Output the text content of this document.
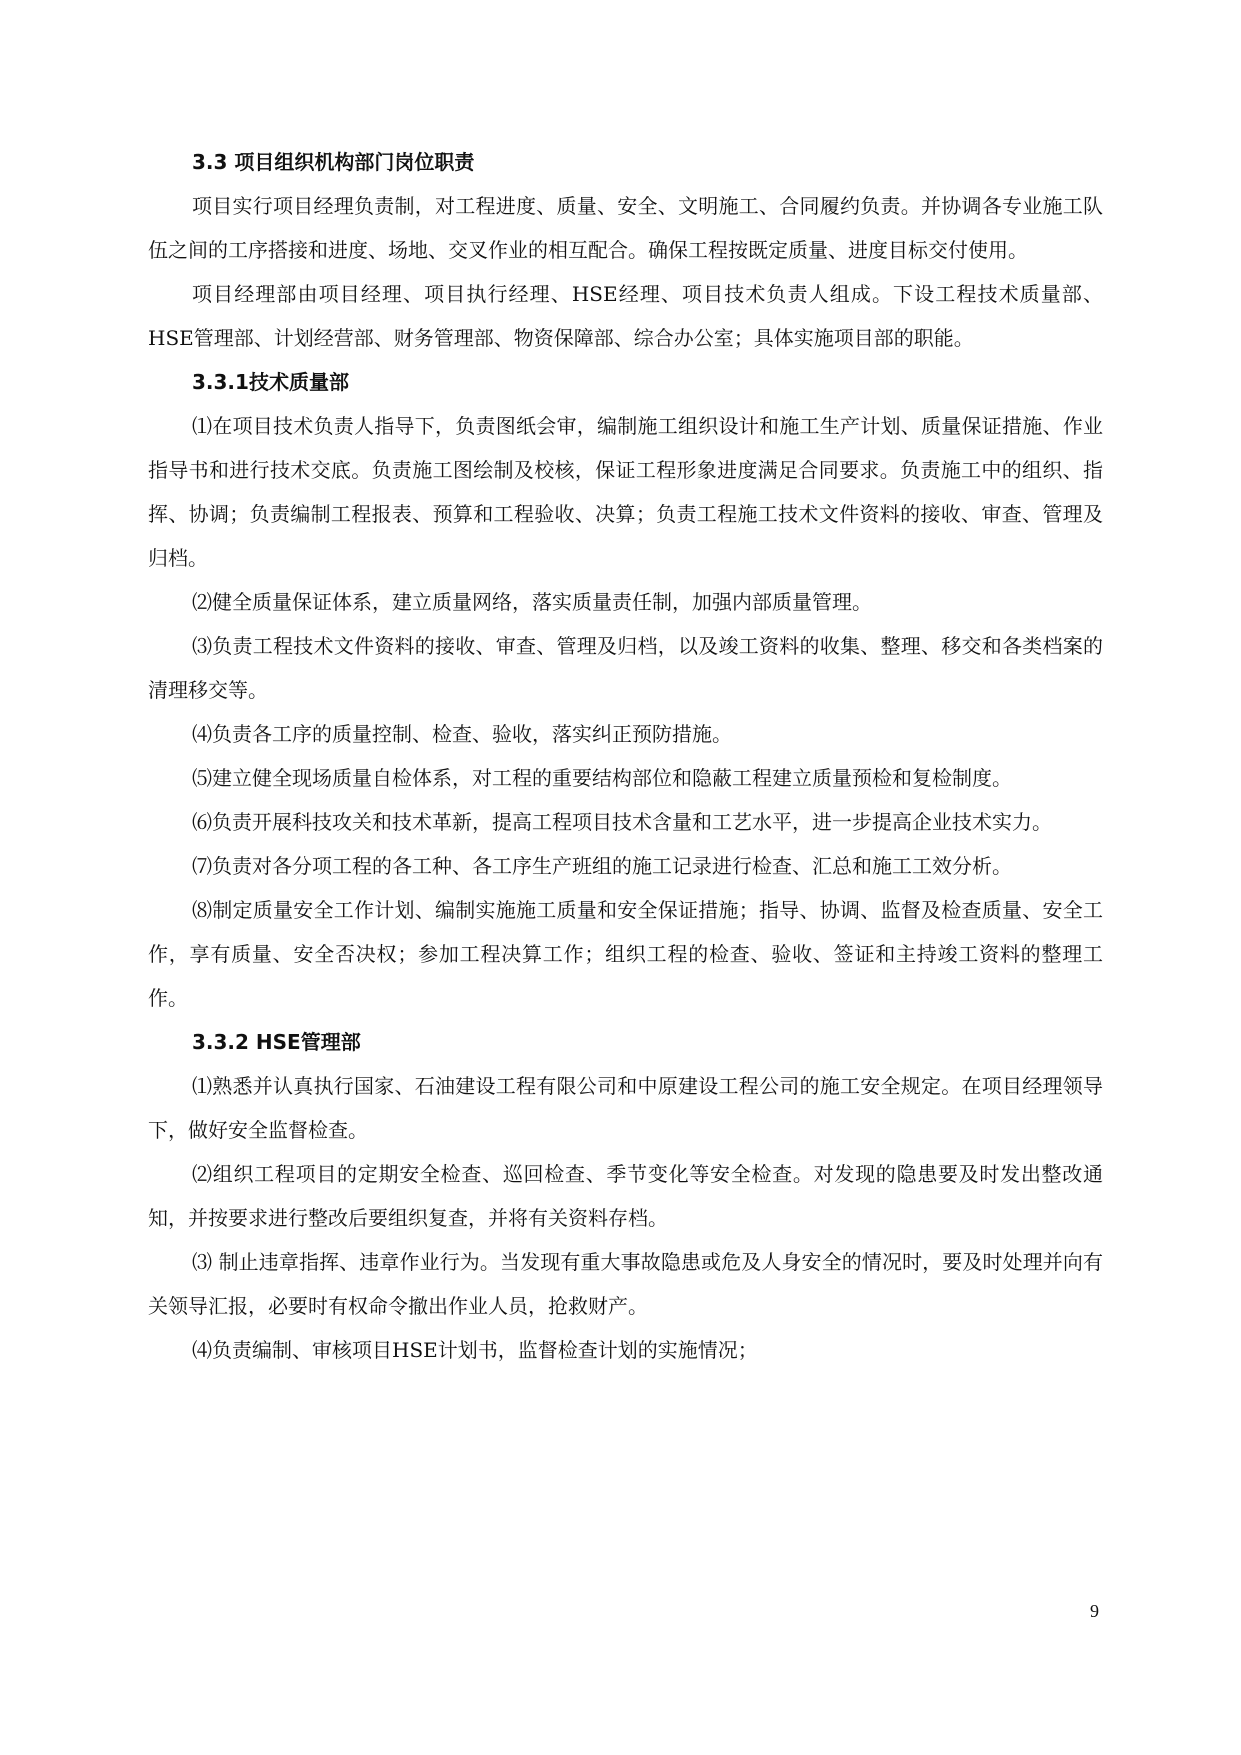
3.3 项目组织机构部门岗位职责

项目实行项目经理负责制，对工程进度、质量、安全、文明施工、合同履约负责。并协调各专业施工队伍之间的工序搭接和进度、场地、交叉作业的相互配合。确保工程按既定质量、进度目标交付使用。

项目经理部由项目经理、项目执行经理、HSE经理、项目技术负责人组成。下设工程技术质量部、HSE管理部、计划经营部、财务管理部、物资保障部、综合办公室；具体实施项目部的职能。

3.3.1技术质量部

⑴在项目技术负责人指导下，负责图纸会审，编制施工组织设计和施工生产计划、质量保证措施、作业指导书和进行技术交底。负责施工图绘制及校核，保证工程形象进度满足合同要求。负责施工中的组织、指挥、协调；负责编制工程报表、预算和工程验收、决算；负责工程施工技术文件资料的接收、审查、管理及归档。

⑵健全质量保证体系，建立质量网络，落实质量责任制，加强内部质量管理。

⑶负责工程技术文件资料的接收、审查、管理及归档，以及竣工资料的收集、整理、移交和各类档案的清理移交等。

⑷负责各工序的质量控制、检查、验收，落实纠正预防措施。

⑸建立健全现场质量自检体系，对工程的重要结构部位和隐蔽工程建立质量预检和复检制度。

⑹负责开展科技攻关和技术革新，提高工程项目技术含量和工艺水平，进一步提高企业技术实力。

⑺负责对各分项工程的各工种、各工序生产班组的施工记录进行检查、汇总和施工工效分析。

⑻制定质量安全工作计划、编制实施施工质量和安全保证措施；指导、协调、监督及检查质量、安全工作，享有质量、安全否决权；参加工程决算工作；组织工程的检查、验收、签证和主持竣工资料的整理工作。

3.3.2 HSE管理部

⑴熟悉并认真执行国家、石油建设工程有限公司和中原建设工程公司的施工安全规定。在项目经理领导下，做好安全监督检查。

⑵组织工程项目的定期安全检查、巡回检查、季节变化等安全检查。对发现的隐患要及时发出整改通知，并按要求进行整改后要组织复查，并将有关资料存档。

⑶ 制止违章指挥、违章作业行为。当发现有重大事故隐患或危及人身安全的情况时，要及时处理并向有关领导汇报，必要时有权命令撤出作业人员，抢救财产。

⑷负责编制、审核项目HSE计划书，监督检查计划的实施情况；

9
